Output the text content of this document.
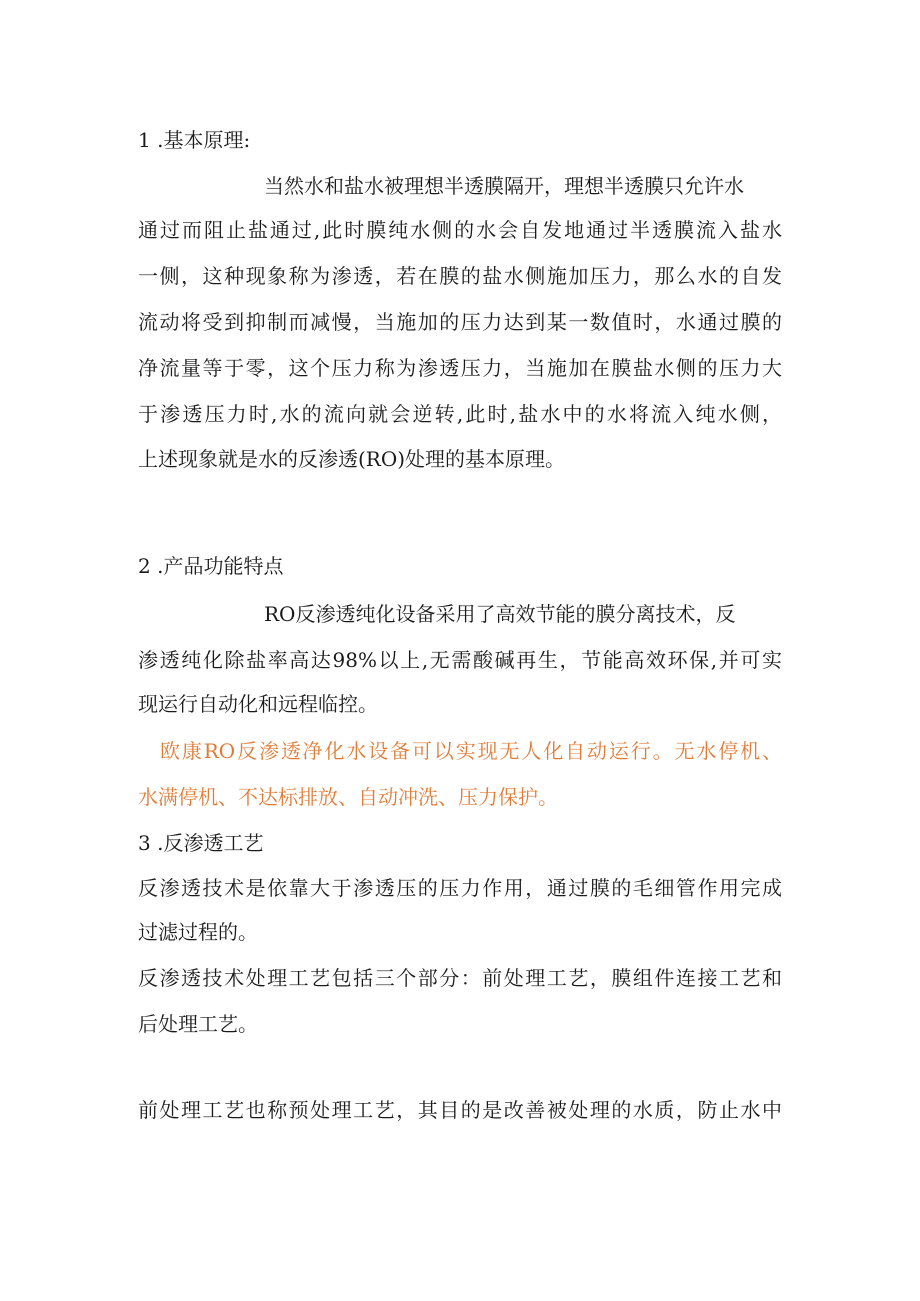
1 .基本原理:
当然水和盐水被理想半透膜隔开，理想半透膜只允许水
通过而阻止盐通过,此时膜纯水侧的水会自发地通过半透膜流入盐水
一侧，这种现象称为渗透，若在膜的盐水侧施加压力，那么水的自发
流动将受到抑制而减慢，当施加的压力达到某一数值时，水通过膜的
净流量等于零，这个压力称为渗透压力，当施加在膜盐水侧的压力大
于渗透压力时,水的流向就会逆转,此时,盐水中的水将流入纯水侧，
上述现象就是水的反渗透(RO)处理的基本原理。
2 .产品功能特点
RO反渗透纯化设备采用了高效节能的膜分离技术，反
渗透纯化除盐率高达98%以上,无需酸碱再生，节能高效环保,并可实
现运行自动化和远程临控。
欧康RO反渗透净化水设备可以实现无人化自动运行。无水停机、
水满停机、不达标排放、自动冲洗、压力保护。
3 .反渗透工艺
反渗透技术是依靠大于渗透压的压力作用，通过膜的毛细管作用完成
过滤过程的。
反渗透技术处理工艺包括三个部分：前处理工艺，膜组件连接工艺和
后处理工艺。
前处理工艺也称预处理工艺，其目的是改善被处理的水质，防止水中
